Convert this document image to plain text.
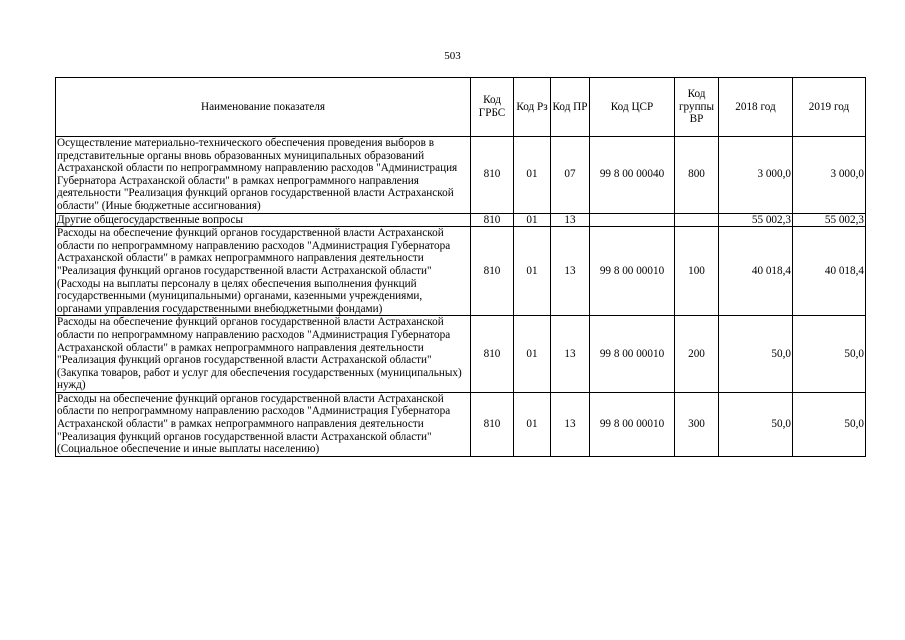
503
Наименование показателя	Код ГРБС	Код Рз	Код ПР	Код ЦСР	Код группы ВР	2018 год	2019 год
Осуществление материально-технического обеспечения проведения выборов в представительные органы вновь образованных муниципальных образований Астраханской области по непрограммному направлению расходов "Администрация Губернатора Астраханской области" в рамках непрограммного направления деятельности "Реализация функций органов государственной власти Астраханской области" (Иные бюджетные ассигнования)	810	01	07	99 8 00 00040	800	3 000,0	3 000,0
Другие общегосударственные вопросы	810	01	13			55 002,3	55 002,3
Расходы на обеспечение функций органов государственной власти Астраханской области по непрограммному направлению расходов "Администрация Губернатора Астраханской области" в рамках непрограммного направления деятельности "Реализация функций органов государственной власти Астраханской области" (Расходы на выплаты персоналу в целях обеспечения выполнения функций государственными (муниципальными) органами, казенными учреждениями, органами управления государственными внебюджетными фондами)	810	01	13	99 8 00 00010	100	40 018,4	40 018,4
Расходы на обеспечение функций органов государственной власти Астраханской области по непрограммному направлению расходов "Администрация Губернатора Астраханской области" в рамках непрограммного направления деятельности "Реализация функций органов государственной власти Астраханской области" (Закупка товаров, работ и услуг для обеспечения государственных (муниципальных) нужд)	810	01	13	99 8 00 00010	200	50,0	50,0
Расходы на обеспечение функций органов государственной власти Астраханской области по непрограммному направлению расходов "Администрация Губернатора Астраханской области" в рамках непрограммного направления деятельности "Реализация функций органов государственной власти Астраханской области" (Социальное обеспечение и иные выплаты населению)	810	01	13	99 8 00 00010	300	50,0	50,0
